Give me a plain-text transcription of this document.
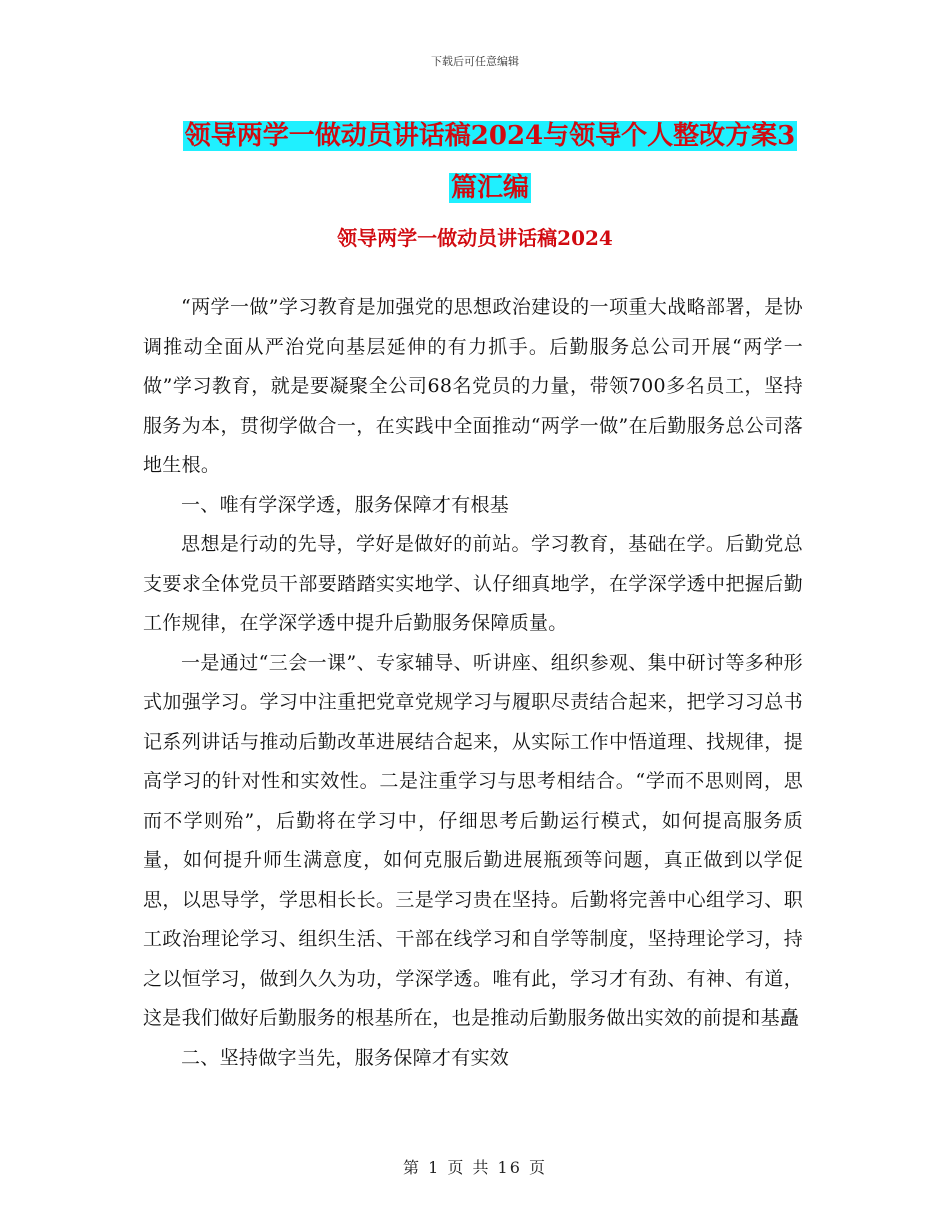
下载后可任意编辑
领导两学一做动员讲话稿2024与领导个人整改方案3
篇汇编
领导两学一做动员讲话稿2024

“两学一做”学习教育是加强党的思想政治建设的一项重大战略部署，是协调推动全面从严治党向基层延伸的有力抓手。后勤服务总公司开展“两学一做”学习教育，就是要凝聚全公司68名党员的力量，带领700多名员工，坚持服务为本，贯彻学做合一，在实践中全面推动“两学一做”在后勤服务总公司落地生根。

一、唯有学深学透，服务保障才有根基

思想是行动的先导，学好是做好的前站。学习教育，基础在学。后勤党总支要求全体党员干部要踏踏实实地学、认仔细真地学，在学深学透中把握后勤工作规律，在学深学透中提升后勤服务保障质量。

一是通过“三会一课”、专家辅导、听讲座、组织参观、集中研讨等多种形式加强学习。学习中注重把党章党规学习与履职尽责结合起来，把学习习总书记系列讲话与推动后勤改革进展结合起来，从实际工作中悟道理、找规律，提高学习的针对性和实效性。二是注重学习与思考相结合。“学而不思则罔，思而不学则殆”，后勤将在学习中，仔细思考后勤运行模式，如何提高服务质量，如何提升师生满意度，如何克服后勤进展瓶颈等问题，真正做到以学促思，以思导学，学思相长长。三是学习贵在坚持。后勤将完善中心组学习、职工政治理论学习、组织生活、干部在线学习和自学等制度，坚持理论学习，持之以恒学习，做到久久为功，学深学透。唯有此，学习才有劲、有神、有道，这是我们做好后勤服务的根基所在，也是推动后勤服务做出实效的前提和基矗

二、坚持做字当先，服务保障才有实效

第 1 页 共 16 页
